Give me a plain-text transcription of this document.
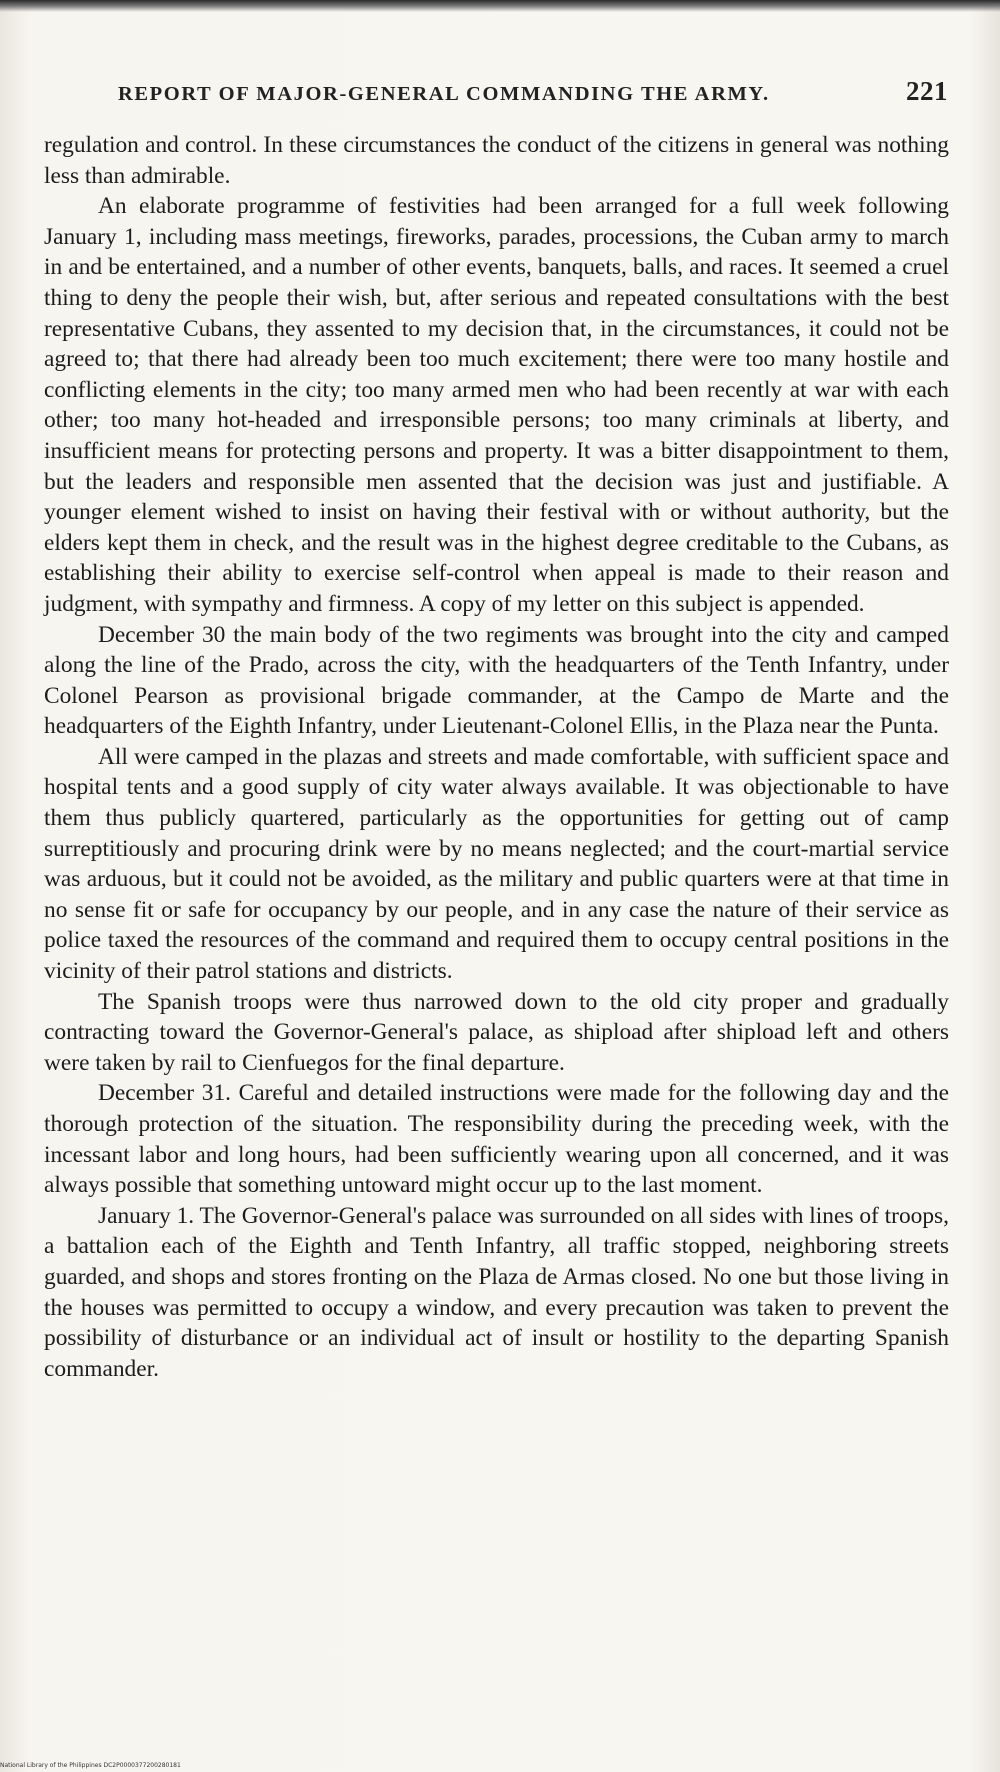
REPORT OF MAJOR-GENERAL COMMANDING THE ARMY.	221

regulation and control. In these circumstances the conduct of the citizens in general was nothing less than admirable.

An elaborate programme of festivities had been arranged for a full week following January 1, including mass meetings, fireworks, parades, processions, the Cuban army to march in and be entertained, and a number of other events, banquets, balls, and races. It seemed a cruel thing to deny the people their wish, but, after serious and repeated consultations with the best representative Cubans, they assented to my decision that, in the circumstances, it could not be agreed to; that there had already been too much excitement; there were too many hostile and conflicting elements in the city; too many armed men who had been recently at war with each other; too many hot-headed and irresponsible persons; too many criminals at liberty, and insufficient means for protecting persons and property. It was a bitter disappointment to them, but the leaders and responsible men assented that the decision was just and justifiable. A younger element wished to insist on having their festival with or without authority, but the elders kept them in check, and the result was in the highest degree creditable to the Cubans, as establishing their ability to exercise self-control when appeal is made to their reason and judgment, with sympathy and firmness. A copy of my letter on this subject is appended.

December 30 the main body of the two regiments was brought into the city and camped along the line of the Prado, across the city, with the headquarters of the Tenth Infantry, under Colonel Pearson as provisional brigade commander, at the Campo de Marte and the headquarters of the Eighth Infantry, under Lieutenant-Colonel Ellis, in the Plaza near the Punta.

All were camped in the plazas and streets and made comfortable, with sufficient space and hospital tents and a good supply of city water always available. It was objectionable to have them thus publicly quartered, particularly as the opportunities for getting out of camp surreptitiously and procuring drink were by no means neglected; and the court-martial service was arduous, but it could not be avoided, as the military and public quarters were at that time in no sense fit or safe for occupancy by our people, and in any case the nature of their service as police taxed the resources of the command and required them to occupy central positions in the vicinity of their patrol stations and districts.

The Spanish troops were thus narrowed down to the old city proper and gradually contracting toward the Governor-General's palace, as shipload after shipload left and others were taken by rail to Cienfuegos for the final departure.

December 31. Careful and detailed instructions were made for the following day and the thorough protection of the situation. The responsibility during the preceding week, with the incessant labor and long hours, had been sufficiently wearing upon all concerned, and it was always possible that something untoward might occur up to the last moment.

January 1. The Governor-General's palace was surrounded on all sides with lines of troops, a battalion each of the Eighth and Tenth Infantry, all traffic stopped, neighboring streets guarded, and shops and stores fronting on the Plaza de Armas closed. No one but those living in the houses was permitted to occupy a window, and every precaution was taken to prevent the possibility of disturbance or an individual act of insult or hostility to the departing Spanish commander.

National Library of the Philippines DC2P0000377200280181
